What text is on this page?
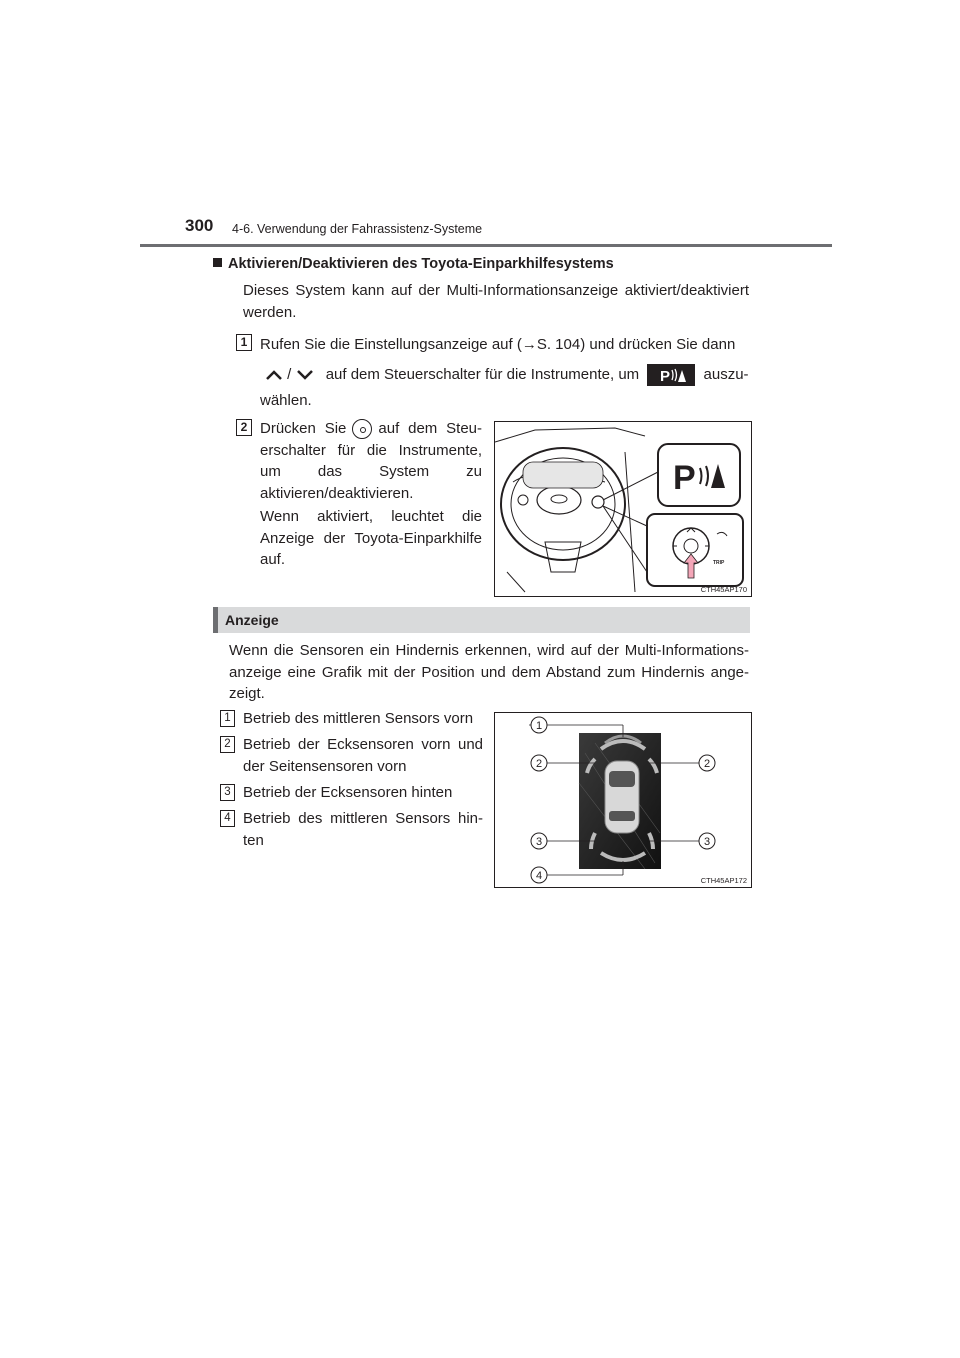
300 4-6. Verwendung der Fahrassistenz-Systeme
Aktivieren/Deaktivieren des Toyota-Einparkhilfesystems
Dieses System kann auf der Multi-Informationsanzeige aktiviert/deaktiviert werden.
1 Rufen Sie die Einstellungsanzeige auf (→S. 104) und drücken Sie dann
/ auf dem Steuerschalter für die Instrumente, um P auszu-
wählen.
2 Drücken Sie auf dem Steu-erschalter für die Instrumente, um das System zu aktivieren/deaktivieren.
Wenn aktiviert, leuchtet die Anzeige der Toyota-Einparkhilfe auf.
P
TRIP
CTH45AP170
Anzeige
Wenn die Sensoren ein Hindernis erkennen, wird auf der Multi-Informations-anzeige eine Grafik mit der Position und dem Abstand zum Hindernis ange-zeigt.
1 Betrieb des mittleren Sensors vorn
2 Betrieb der Ecksensoren vorn und der Seitensensoren vorn
3 Betrieb der Ecksensoren hinten
4 Betrieb des mittleren Sensors hin-ten
1
2	2
3	3
4	CTH45AP172
